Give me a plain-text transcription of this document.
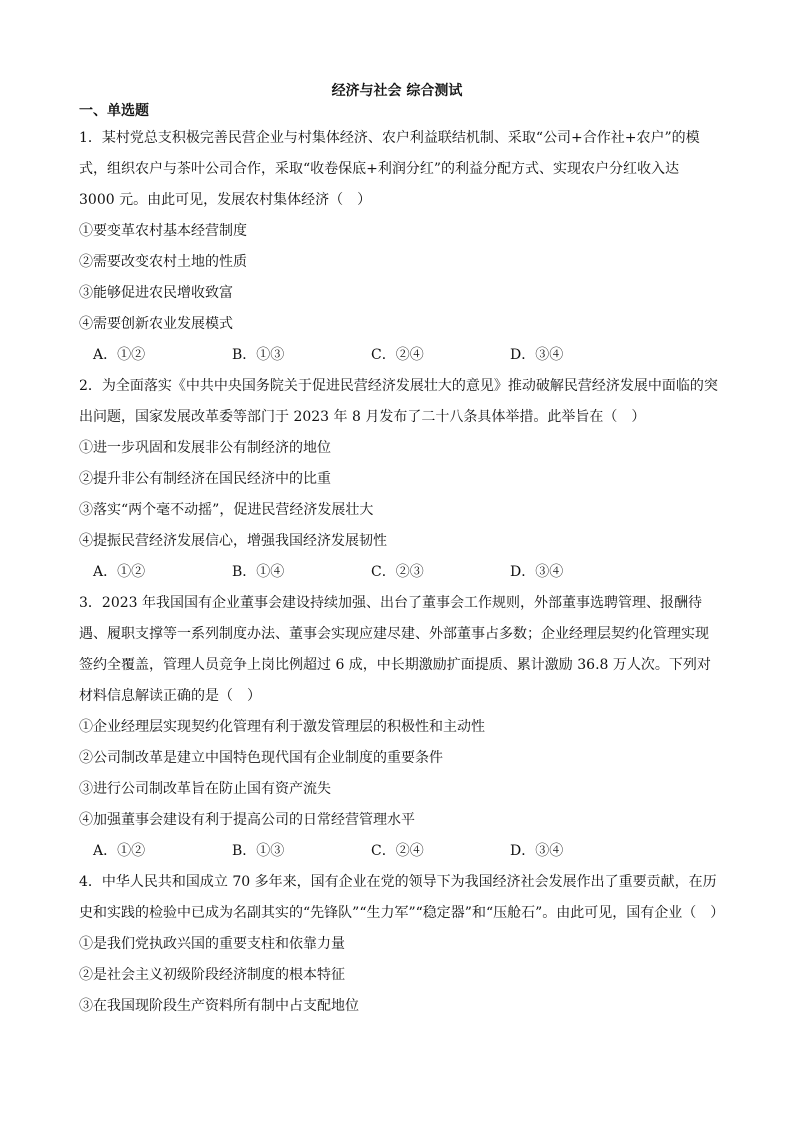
经济与社会 综合测试
一、单选题
1．某村党总支积极完善民营企业与村集体经济、农户利益联结机制、采取“公司+合作社+农户”的模式，组织农户与茶叶公司合作，采取“收卷保底+利润分红”的利益分配方式、实现农户分红收入达 3000 元。由此可见，发展农村集体经济（　）
①要变革农村基本经营制度
②需要改变农村土地的性质
③能够促进农民增收致富
④需要创新农业发展模式
A．①②	B．①③	C．②④	D．③④
2．为全面落实《中共中央国务院关于促进民营经济发展壮大的意见》推动破解民营经济发展中面临的突出问题，国家发展改革委等部门于 2023 年 8 月发布了二十八条具体举措。此举旨在（　）
①进一步巩固和发展非公有制经济的地位
②提升非公有制经济在国民经济中的比重
③落实“两个毫不动摇”，促进民营经济发展壮大
④提振民营经济发展信心，增强我国经济发展韧性
A．①②	B．①④	C．②③	D．③④
3．2023 年我国国有企业董事会建设持续加强、出台了董事会工作规则，外部董事选聘管理、报酬待遇、履职支撑等一系列制度办法、董事会实现应建尽建、外部董事占多数；企业经理层契约化管理实现签约全覆盖，管理人员竞争上岗比例超过 6 成，中长期激励扩面提质、累计激励 36.8 万人次。下列对材料信息解读正确的是（　）
①企业经理层实现契约化管理有利于激发管理层的积极性和主动性
②公司制改革是建立中国特色现代国有企业制度的重要条件
③进行公司制改革旨在防止国有资产流失
④加强董事会建设有利于提高公司的日常经营管理水平
A．①②	B．①③	C．②④	D．③④
4．中华人民共和国成立 70 多年来，国有企业在党的领导下为我国经济社会发展作出了重要贡献，在历史和实践的检验中已成为名副其实的“先锋队”“生力军”“稳定器”和“压舱石”。由此可见，国有企业（　）
①是我们党执政兴国的重要支柱和依靠力量
②是社会主义初级阶段经济制度的根本特征
③在我国现阶段生产资料所有制中占支配地位
